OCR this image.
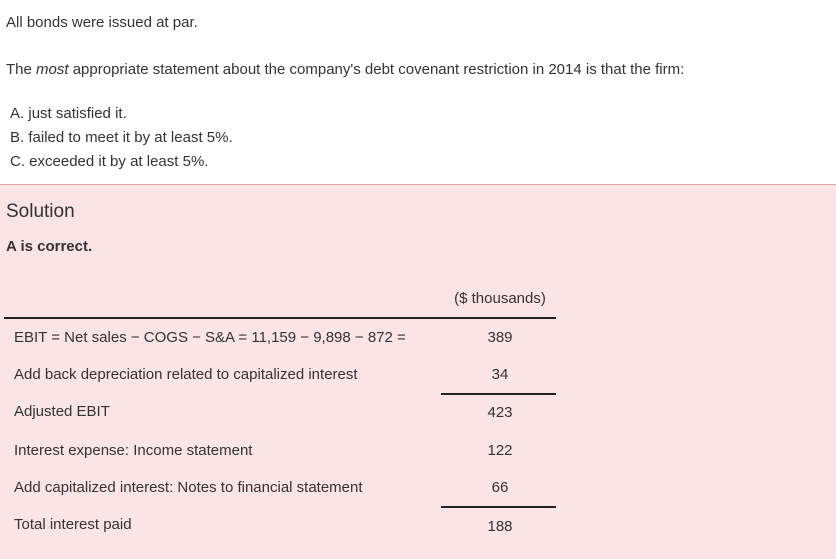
All bonds were issued at par.
The most appropriate statement about the company's debt covenant restriction in 2014 is that the firm:
A. just satisfied it.
B. failed to meet it by at least 5%.
C. exceeded it by at least 5%.
Solution
A is correct.
($ thousands)
EBIT = Net sales − COGS − S&A = 11,159 − 9,898 − 872 =	389
Add back depreciation related to capitalized interest	34
Adjusted EBIT	423
Interest expense: Income statement	122
Add capitalized interest: Notes to financial statement	66
Total interest paid	188
